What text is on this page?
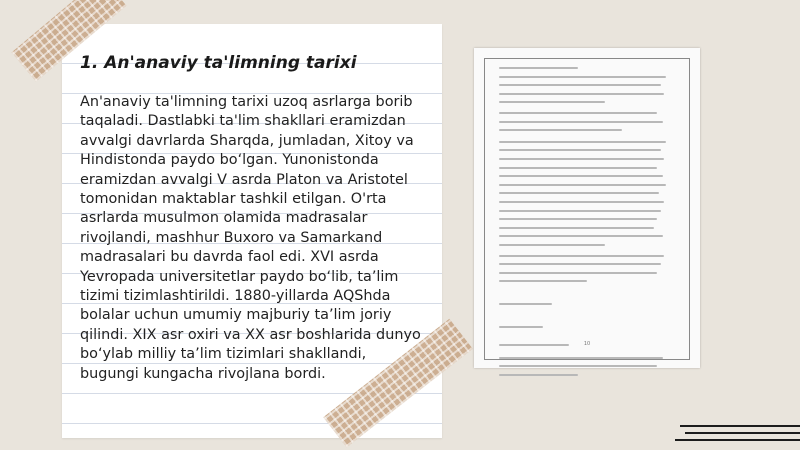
1. An'anaviy ta'limning tarixi

An'anaviy ta'limning tarixi uzoq asrlarga borib taqaladi. Dastlabki ta'lim shakllari eramizdan avvalgi davrlarda Sharqda, jumladan, Xitoy va Hindistonda paydo bo‘lgan. Yunonistonda eramizdan avvalgi V asrda Platon va Aristotel tomonidan maktablar tashkil etilgan. O'rta asrlarda musulmon olamida madrasalar rivojlandi, mashhur Buxoro va Samarkand madrasalari bu davrda faol edi. XVI asrda Yevropada universitetlar paydo bo‘lib, ta’lim tizimi tizimlashtirildi. 1880-yillarda AQShda bolalar uchun umumiy majburiy ta’lim joriy qilindi. XIX asr oxiri va XX asr boshlarida dunyo bo‘ylab milliy ta’lim tizimlari shakllandi, bugungi kungacha rivojlana bordi.

10
